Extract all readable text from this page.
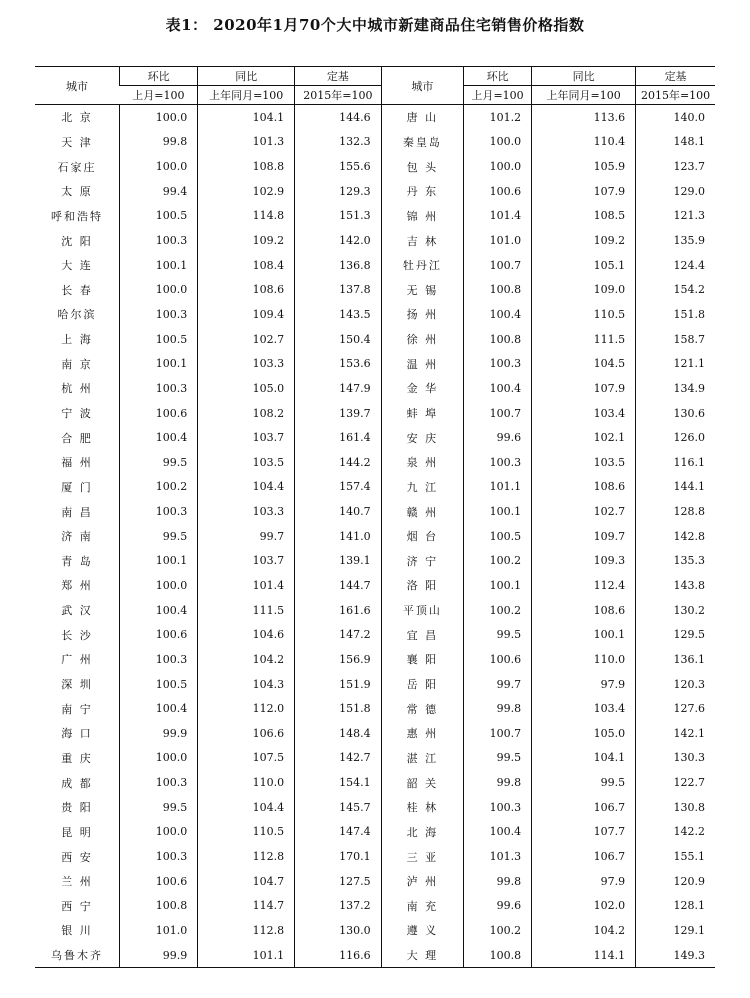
表1： 2020年1月70个大中城市新建商品住宅销售价格指数
城市	环比	同比	定基	城市	环比	同比	定基
	上月=100	上年同月=100	2015年=100		上月=100	上年同月=100	2015年=100
北 京	100.0	104.1	144.6	唐 山	101.2	113.6	140.0
天 津	99.8	101.3	132.3	秦皇岛	100.0	110.4	148.1
石家庄	100.0	108.8	155.6	包 头	100.0	105.9	123.7
太 原	99.4	102.9	129.3	丹 东	100.6	107.9	129.0
呼和浩特	100.5	114.8	151.3	锦 州	101.4	108.5	121.3
沈 阳	100.3	109.2	142.0	吉 林	101.0	109.2	135.9
大 连	100.1	108.4	136.8	牡丹江	100.7	105.1	124.4
长 春	100.0	108.6	137.8	无 锡	100.8	109.0	154.2
哈尔滨	100.3	109.4	143.5	扬 州	100.4	110.5	151.8
上 海	100.5	102.7	150.4	徐 州	100.8	111.5	158.7
南 京	100.1	103.3	153.6	温 州	100.3	104.5	121.1
杭 州	100.3	105.0	147.9	金 华	100.4	107.9	134.9
宁 波	100.6	108.2	139.7	蚌 埠	100.7	103.4	130.6
合 肥	100.4	103.7	161.4	安 庆	99.6	102.1	126.0
福 州	99.5	103.5	144.2	泉 州	100.3	103.5	116.1
厦 门	100.2	104.4	157.4	九 江	101.1	108.6	144.1
南 昌	100.3	103.3	140.7	赣 州	100.1	102.7	128.8
济 南	99.5	99.7	141.0	烟 台	100.5	109.7	142.8
青 岛	100.1	103.7	139.1	济 宁	100.2	109.3	135.3
郑 州	100.0	101.4	144.7	洛 阳	100.1	112.4	143.8
武 汉	100.4	111.5	161.6	平顶山	100.2	108.6	130.2
长 沙	100.6	104.6	147.2	宜 昌	99.5	100.1	129.5
广 州	100.3	104.2	156.9	襄 阳	100.6	110.0	136.1
深 圳	100.5	104.3	151.9	岳 阳	99.7	97.9	120.3
南 宁	100.4	112.0	151.8	常 德	99.8	103.4	127.6
海 口	99.9	106.6	148.4	惠 州	100.7	105.0	142.1
重 庆	100.0	107.5	142.7	湛 江	99.5	104.1	130.3
成 都	100.3	110.0	154.1	韶 关	99.8	99.5	122.7
贵 阳	99.5	104.4	145.7	桂 林	100.3	106.7	130.8
昆 明	100.0	110.5	147.4	北 海	100.4	107.7	142.2
西 安	100.3	112.8	170.1	三 亚	101.3	106.7	155.1
兰 州	100.6	104.7	127.5	泸 州	99.8	97.9	120.9
西 宁	100.8	114.7	137.2	南 充	99.6	102.0	128.1
银 川	101.0	112.8	130.0	遵 义	100.2	104.2	129.1
乌鲁木齐	99.9	101.1	116.6	大 理	100.8	114.1	149.3
